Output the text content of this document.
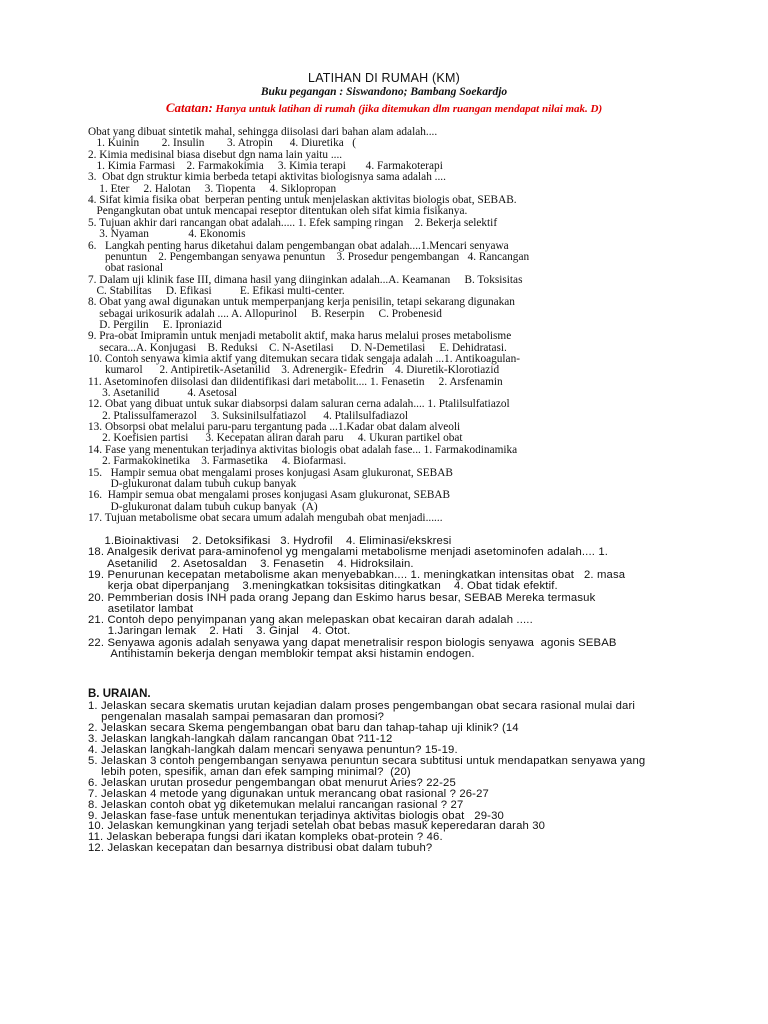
LATIHAN DI RUMAH (KM)
Buku pegangan : Siswandono; Bambang Soekardjo
Catatan: Hanya untuk latihan di rumah (jika ditemukan dlm ruangan mendapat nilai mak. D)
Obat yang dibuat sintetik mahal, sehingga diisolasi dari bahan alam adalah....
1. Kuinin        2. Insulin        3. Atropin      4. Diuretika   (
2. Kimia medisinal biasa disebut dgn nama lain yaitu ....
1. Kimia Farmasi    2. Farmakokimia     3. Kimia terapi       4. Farmakoterapi
3.  Obat dgn struktur kimia berbeda tetapi aktivitas biologisnya sama adalah ....
1. Eter     2. Halotan     3. Tiopenta     4. Siklopropan
4. Sifat kimia fisika obat  berperan penting untuk menjelaskan aktivitas biologis obat, SEBAB.
Pengangkutan obat untuk mencapai reseptor ditentukan oleh sifat kimia fisikanya.
5. Tujuan akhir dari rancangan obat adalah..... 1. Efek samping ringan    2. Bekerja selektif
3. Nyaman              4. Ekonomis
6.   Langkah penting harus diketahui dalam pengembangan obat adalah....1.Mencari senyawa
penuntun    2. Pengembangan senyawa penuntun    3. Prosedur pengembangan   4. Rancangan
obat rasional
7. Dalam uji klinik fase III, dimana hasil yang diinginkan adalah...A. Keamanan     B. Toksisitas
C. Stabilitas     D. Efikasi          E. Efikasi multi-center.
8. Obat yang awal digunakan untuk memperpanjang kerja penisilin, tetapi sekarang digunakan
sebagai urikosurik adalah .... A. Allopurinol     B. Reserpin     C. Probenesid
D. Pergilin     E. Iproniazid
9. Pra-obat Imipramin untuk menjadi metabolit aktif, maka harus melalui proses metabolisme
secara...A. Konjugasi    B. Reduksi    C. N-Asetilasi      D. N-Demetilasi     E. Dehidratasi.
10. Contoh senyawa kimia aktif yang ditemukan secara tidak sengaja adalah ...1. Antikoagulan-
kumarol      2. Antipiretik-Asetanilid    3. Adrenergik- Efedrin    4. Diuretik-Klorotiazid
11. Asetominofen diisolasi dan diidentifikasi dari metabolit.... 1. Fenasetin     2. Arsfenamin
3. Asetanilid          4. Asetosal
12. Obat yang dibuat untuk sukar diabsorpsi dalam saluran cerna adalah.... 1. Ptalilsulfatiazol
2. Ptalissulfamerazol     3. Suksinilsulfatiazol      4. Ptalilsulfadiazol
13. Obsorpsi obat melalui paru-paru tergantung pada ...1.Kadar obat dalam alveoli
2. Koefisien partisi      3. Kecepatan aliran darah paru     4. Ukuran partikel obat
14. Fase yang menentukan terjadinya aktivitas biologis obat adalah fase... 1. Farmakodinamika
2. Farmakokinetika    3. Farmasetika     4. Biofarmasi.
15.   Hampir semua obat mengalami proses konjugasi Asam glukuronat, SEBAB
D-glukuronat dalam tubuh cukup banyak
16.  Hampir semua obat mengalami proses konjugasi Asam glukuronat, SEBAB
D-glukuronat dalam tubuh cukup banyak  (A)
17. Tujuan metabolisme obat secara umum adalah mengubah obat menjadi......
1.Bioinaktivasi    2. Detoksifikasi   3. Hydrofil    4. Eliminasi/ekskresi
18. Analgesik derivat para-aminofenol yg mengalami metabolisme menjadi asetominofen adalah.... 1.
Asetanilid    2. Asetosaldan    3. Fenasetin    4. Hidroksilain.
19. Penurunan kecepatan metabolisme akan menyebabkan.... 1. meningkatkan intensitas obat   2. masa
kerja obat diperpanjang    3.meningkatkan toksisitas ditingkatkan    4. Obat tidak efektif.
20. Pemmberian dosis INH pada orang Jepang dan Eskimo harus besar, SEBAB Mereka termasuk
asetilator lambat
21. Contoh depo penyimpanan yang akan melepaskan obat kecairan darah adalah .....
1.Jaringan lemak    2. Hati    3. Ginjal    4. Otot.
22. Senyawa agonis adalah senyawa yang dapat menetralisir respon biologis senyawa  agonis SEBAB
Antihistamin bekerja dengan memblokir tempat aksi histamin endogen.
B. URAIAN.
1. Jelaskan secara skematis urutan kejadian dalam proses pengembangan obat secara rasional mulai dari
pengenalan masalah sampai pemasaran dan promosi?
2. Jelaskan secara Skema pengembangan obat baru dan tahap-tahap uji klinik? (14
3. Jelaskan langkah-langkah dalam rancangan 0bat ?11-12
4. Jelaskan langkah-langkah dalam mencari senyawa penuntun? 15-19.
5. Jelaskan 3 contoh pengembangan senyawa penuntun secara subtitusi untuk mendapatkan senyawa yang
lebih poten, spesifik, aman dan efek samping minimal?  (20)
6. Jelaskan urutan prosedur pengembangan obat menurut Aries? 22-25
7. Jelaskan 4 metode yang digunakan untuk merancang obat rasional ? 26-27
8. Jelaskan contoh obat yg diketemukan melalui rancangan rasional ? 27
9. Jelaskan fase-fase untuk menentukan terjadinya aktivitas biologis obat   29-30
10. Jelaskan kemungkinan yang terjadi setelah obat bebas masuk keperedaran darah 30
11. Jelaskan beberapa fungsi dari ikatan kompleks obat-protein ? 46.
12. Jelaskan kecepatan dan besarnya distribusi obat dalam tubuh?
